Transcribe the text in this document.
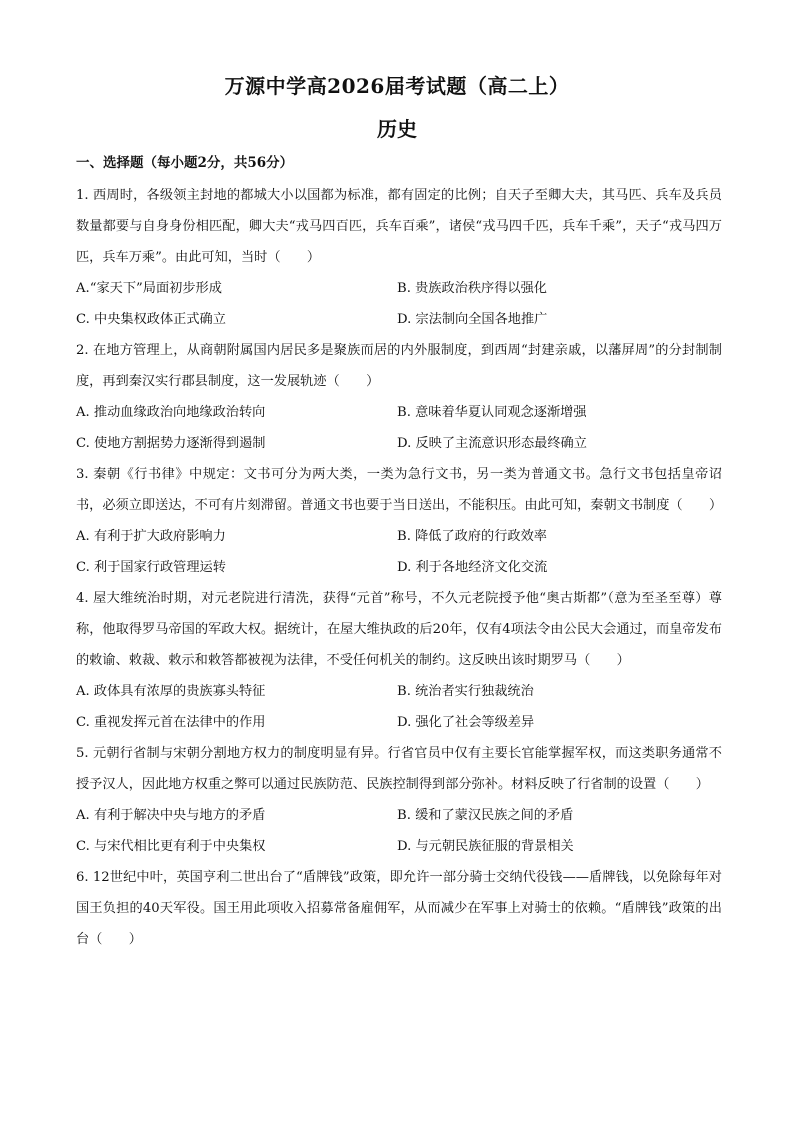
万源中学高2026届考试题（高二上）
历史
一、选择题（每小题2分，共56分）

1. 西周时，各级领主封地的都城大小以国都为标准，都有固定的比例；自天子至卿大夫，其马匹、兵车及兵员数量都要与自身身份相匹配，卿大夫“戎马四百匹，兵车百乘”，诸侯“戎马四千匹，兵车千乘”，天子“戎马四万匹，兵车万乘”。由此可知，当时（　　）

A.“家天下”局面初步形成	B. 贵族政治秩序得以强化
C. 中央集权政体正式确立	D. 宗法制向全国各地推广

2. 在地方管理上，从商朝附属国内居民多是聚族而居的内外服制度，到西周“封建亲戚，以藩屏周”的分封制制度，再到秦汉实行郡县制度，这一发展轨迹（　　）

A. 推动血缘政治向地缘政治转向	B. 意味着华夏认同观念逐渐增强
C. 使地方割据势力逐渐得到遏制	D. 反映了主流意识形态最终确立

3. 秦朝《行书律》中规定：文书可分为两大类，一类为急行文书，另一类为普通文书。急行文书包括皇帝诏书，必须立即送达，不可有片刻滞留。普通文书也要于当日送出，不能积压。由此可知，秦朝文书制度（　　）

A. 有利于扩大政府影响力	B. 降低了政府的行政效率
C. 利于国家行政管理运转	D. 利于各地经济文化交流

4. 屋大维统治时期，对元老院进行清洗，获得“元首”称号，不久元老院授予他“奥古斯都”（意为至圣至尊）尊称，他取得罗马帝国的军政大权。据统计，在屋大维执政的后20年，仅有4项法令由公民大会通过，而皇帝发布的敕谕、敕裁、敕示和敕答都被视为法律，不受任何机关的制约。这反映出该时期罗马（　　）

A. 政体具有浓厚的贵族寡头特征	B. 统治者实行独裁统治
C. 重视发挥元首在法律中的作用	D. 强化了社会等级差异

5. 元朝行省制与宋朝分割地方权力的制度明显有异。行省官员中仅有主要长官能掌握军权，而这类职务通常不授予汉人，因此地方权重之弊可以通过民族防范、民族控制得到部分弥补。材料反映了行省制的设置（　　）

A. 有利于解决中央与地方的矛盾	B. 缓和了蒙汉民族之间的矛盾
C. 与宋代相比更有利于中央集权	D. 与元朝民族征服的背景相关

6. 12世纪中叶，英国亨利二世出台了“盾牌钱”政策，即允许一部分骑士交纳代役钱——盾牌钱，以免除每年对国王负担的40天军役。国王用此项收入招募常备雇佣军，从而减少在军事上对骑士的依赖。“盾牌钱”政策的出台（　　）
